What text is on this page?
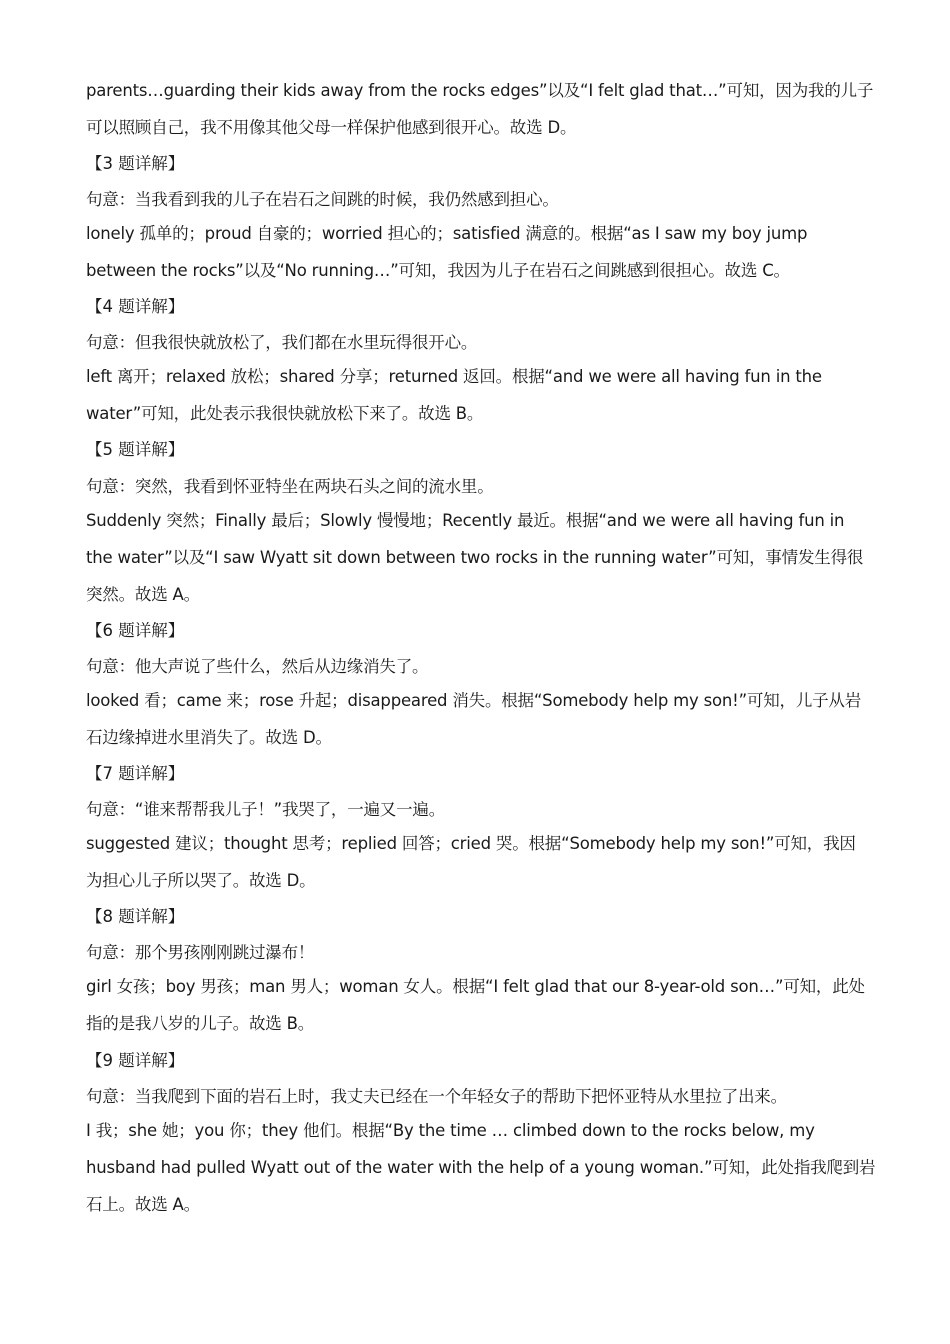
parents…guarding their kids away from the rocks edges”以及“I felt glad that…”可知，因为我的儿子
可以照顾自己，我不用像其他父母一样保护他感到很开心。故选 D。
【3 题详解】
句意：当我看到我的儿子在岩石之间跳的时候，我仍然感到担心。
lonely 孤单的；proud 自豪的；worried 担心的；satisfied 满意的。根据“as I saw my boy jump
between the rocks”以及“No running…”可知，我因为儿子在岩石之间跳感到很担心。故选 C。
【4 题详解】
句意：但我很快就放松了，我们都在水里玩得很开心。
left 离开；relaxed 放松；shared 分享；returned 返回。根据“and we were all having fun in the
water”可知，此处表示我很快就放松下来了。故选 B。
【5 题详解】
句意：突然，我看到怀亚特坐在两块石头之间的流水里。
Suddenly 突然；Finally 最后；Slowly 慢慢地；Recently 最近。根据“and we were all having fun in
the water”以及“I saw Wyatt sit down between two rocks in the running water”可知，事情发生得很
突然。故选 A。
【6 题详解】
句意：他大声说了些什么，然后从边缘消失了。
looked 看；came 来；rose 升起；disappeared 消失。根据“Somebody help my son!”可知，儿子从岩
石边缘掉进水里消失了。故选 D。
【7 题详解】
句意：“谁来帮帮我儿子！”我哭了，一遍又一遍。
suggested 建议；thought 思考；replied 回答；cried 哭。根据“Somebody help my son!”可知，我因
为担心儿子所以哭了。故选 D。
【8 题详解】
句意：那个男孩刚刚跳过瀑布！
girl 女孩；boy 男孩；man 男人；woman 女人。根据“I felt glad that our 8-year-old son…”可知，此处
指的是我八岁的儿子。故选 B。
【9 题详解】
句意：当我爬到下面的岩石上时，我丈夫已经在一个年轻女子的帮助下把怀亚特从水里拉了出来。
I 我；she 她；you 你；they 他们。根据“By the time … climbed down to the rocks below, my
husband had pulled Wyatt out of the water with the help of a young woman.”可知，此处指我爬到岩
石上。故选 A。
